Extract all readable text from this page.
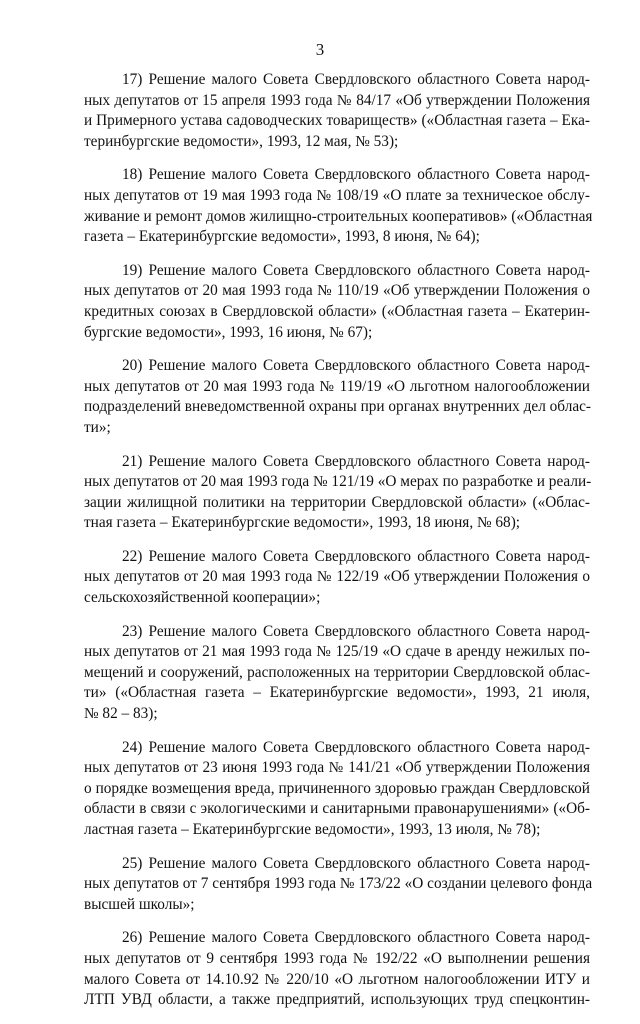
3

17) Решение малого Совета Свердловского областного Совета народ-
ных депутатов от 15 апреля 1993 года № 84/17 «Об утверждении Положения
и Примерного устава садоводческих товариществ» («Областная газета – Ека-
теринбургские ведомости», 1993, 12 мая, № 53);

18) Решение малого Совета Свердловского областного Совета народ-
ных депутатов от 19 мая 1993 года № 108/19 «О плате за техническое обслу-
живание и ремонт домов жилищно-строительных кооперативов» («Областная
газета – Екатеринбургские ведомости», 1993, 8 июня, № 64);

19) Решение малого Совета Свердловского областного Совета народ-
ных депутатов от 20 мая 1993 года № 110/19 «Об утверждении Положения о
кредитных союзах в Свердловской области» («Областная газета – Екатерин-
бургские ведомости», 1993, 16 июня, № 67);

20) Решение малого Совета Свердловского областного Совета народ-
ных депутатов от 20 мая 1993 года № 119/19 «О льготном налогообложении
подразделений вневедомственной охраны при органах внутренних дел облас-
ти»;

21) Решение малого Совета Свердловского областного Совета народ-
ных депутатов от 20 мая 1993 года № 121/19 «О мерах по разработке и реали-
зации жилищной политики на территории Свердловской области» («Облас-
тная газета – Екатеринбургские ведомости», 1993, 18 июня, № 68);

22) Решение малого Совета Свердловского областного Совета народ-
ных депутатов от 20 мая 1993 года № 122/19 «Об утверждении Положения о
сельскохозяйственной кооперации»;

23) Решение малого Совета Свердловского областного Совета народ-
ных депутатов от 21 мая 1993 года № 125/19 «О сдаче в аренду нежилых по-
мещений и сооружений, расположенных на территории Свердловской облас-
ти» («Областная газета – Екатеринбургские ведомости», 1993, 21 июля,
№ 82 – 83);

24) Решение малого Совета Свердловского областного Совета народ-
ных депутатов от 23 июня 1993 года № 141/21 «Об утверждении Положения
о порядке возмещения вреда, причиненного здоровью граждан Свердловской
области в связи с экологическими и санитарными правонарушениями» («Об-
ластная газета – Екатеринбургские ведомости», 1993, 13 июля, № 78);

25) Решение малого Совета Свердловского областного Совета народ-
ных депутатов от 7 сентября 1993 года № 173/22 «О создании целевого фонда
высшей школы»;

26) Решение малого Совета Свердловского областного Совета народ-
ных депутатов от 9 сентября 1993 года № 192/22 «О выполнении решения
малого Совета от 14.10.92 № 220/10 «О льготном налогообложении ИТУ и
ЛТП УВД области, а также предприятий, использующих труд спецконтин-
